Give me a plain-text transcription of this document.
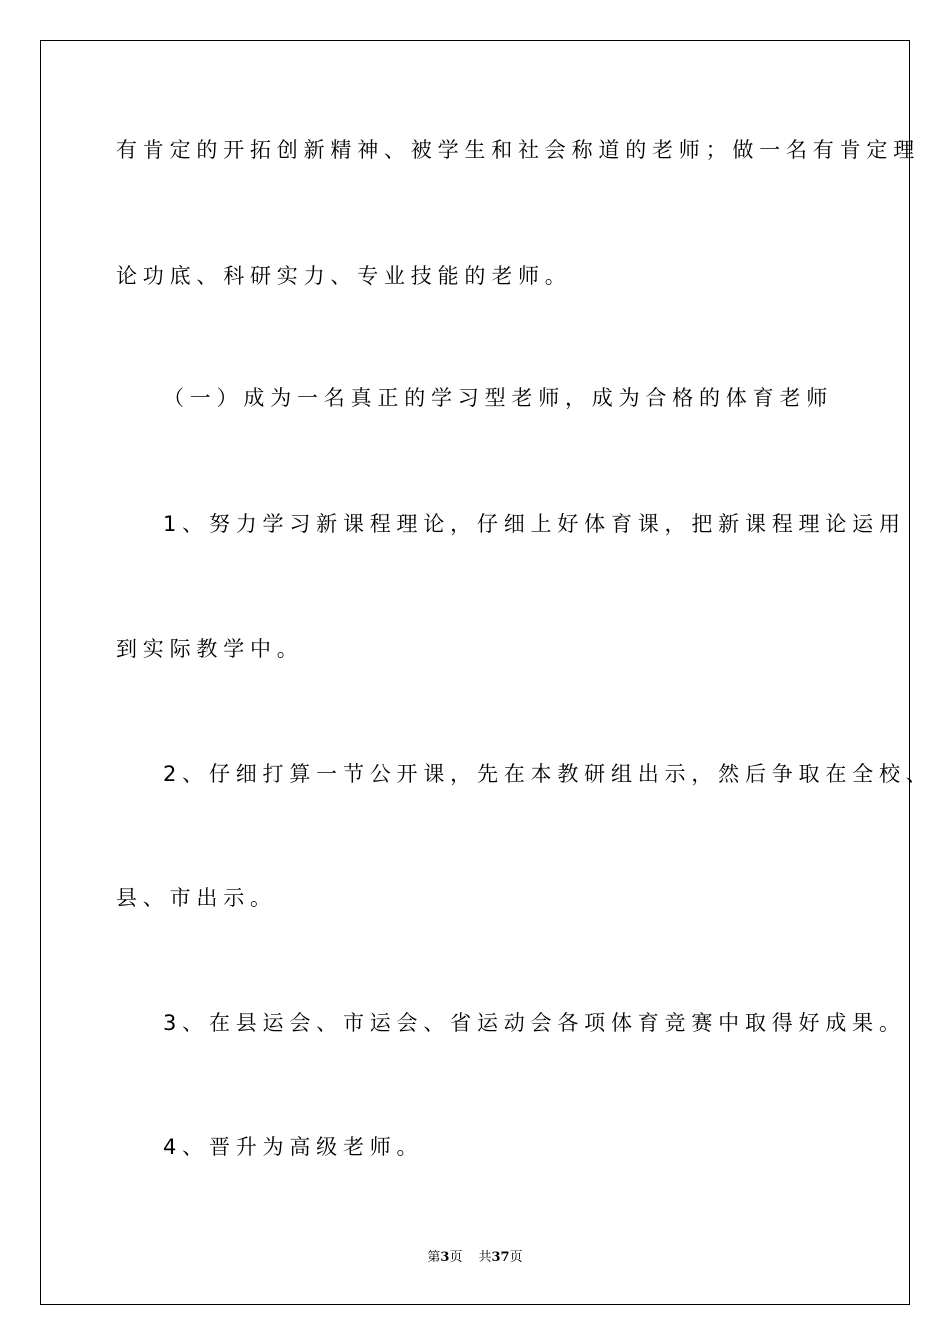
有肯定的开拓创新精神、被学生和社会称道的老师；做一名有肯定理
论功底、科研实力、专业技能的老师。
（一）成为一名真正的学习型老师，成为合格的体育老师
1、努力学习新课程理论，仔细上好体育课，把新课程理论运用
到实际教学中。
2、仔细打算一节公开课，先在本教研组出示，然后争取在全校、
县、市出示。
3、在县运会、市运会、省运动会各项体育竞赛中取得好成果。
4、晋升为高级老师。
第3页 共37页
